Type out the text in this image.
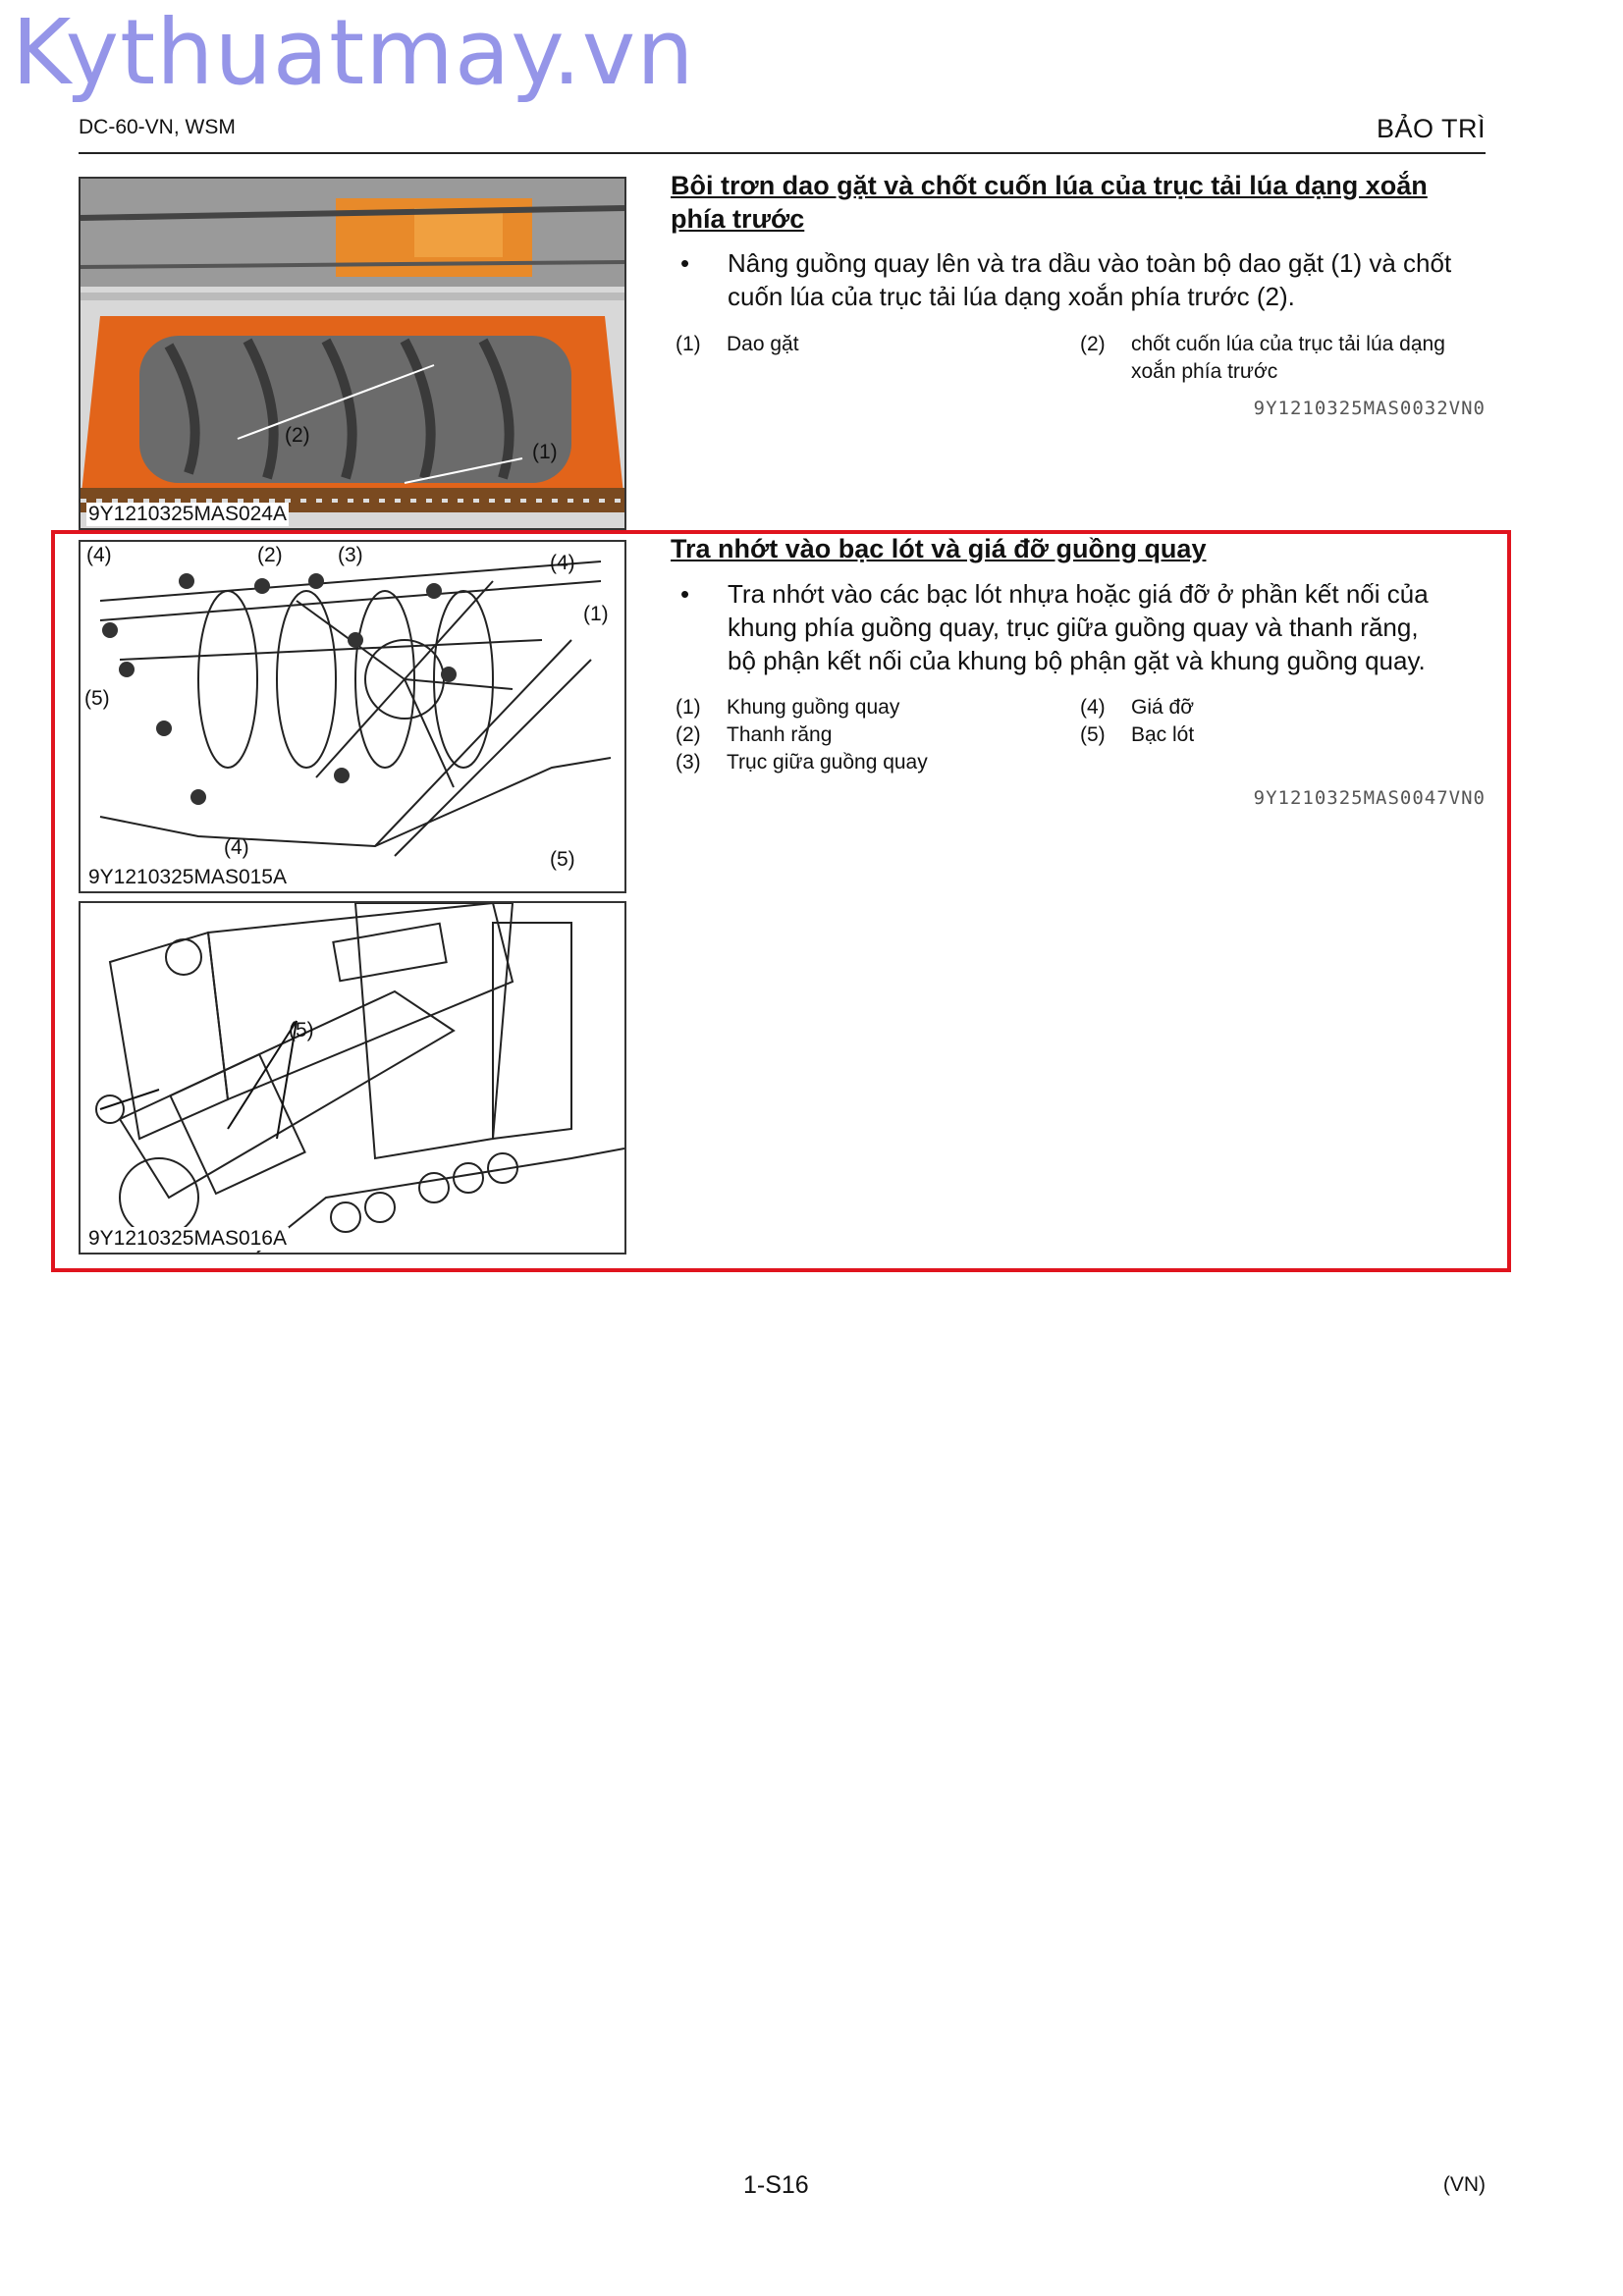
Kythuatmay.vn
DC-60-VN, WSM	BẢO TRÌ
(2)
(1)
9Y1210325MAS024A
Bôi trơn dao gặt và chốt cuốn lúa của trục tải lúa dạng xoắn
phía trước
• Nâng guồng quay lên và tra dầu vào toàn bộ dao gặt (1) và chốt
cuốn lúa của trục tải lúa dạng xoắn phía trước (2).
(1) Dao gặt	(2) chốt cuốn lúa của trục tải lúa dạng
xoắn phía trước
9Y1210325MAS0032VN0
(4)	(2)	(3)	(4)
(1)
(5)
(4)
(5)
9Y1210325MAS015A
(5)
9Y1210325MAS016A
Tra nhớt vào bạc lót và giá đỡ guồng quay
• Tra nhớt vào các bạc lót nhựa hoặc giá đỡ ở phần kết nối của
khung phía guồng quay, trục giữa guồng quay và thanh răng,
bộ phận kết nối của khung bộ phận gặt và khung guồng quay.
(1) Khung guồng quay
(2) Thanh răng
(3) Trục giữa guồng quay
(4) Giá đỡ
(5) Bạc lót
9Y1210325MAS0047VN0
1-S16	(VN)
